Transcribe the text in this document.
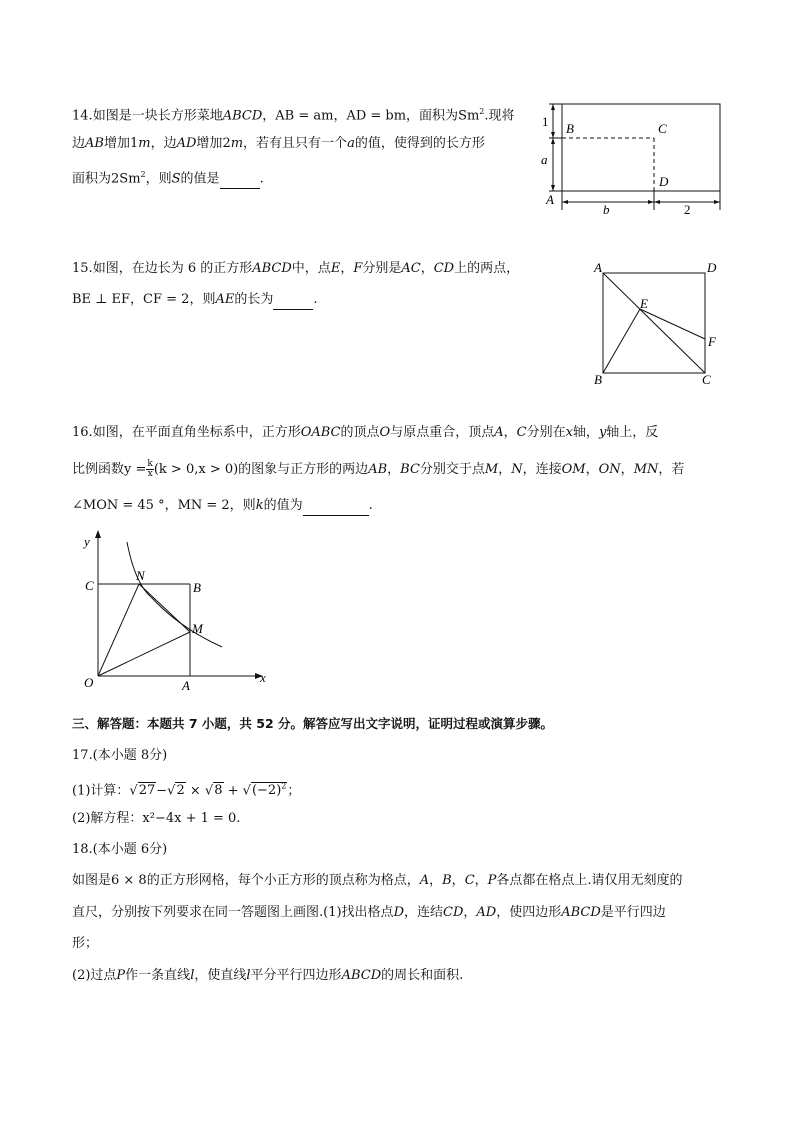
14.如图是一块长方形菜地ABCD，AB = am，AD = bm，面积为Sm$^2$.现将
边AB增加1m，边AD增加2m，若有且只有一个a的值，使得到的长方形
面积为2Sm$^2$，则S的值是	.
1 B	C
a
D
A
b	2
15.如图，在边长为 6 的正方形ABCD中，点E，F分别是AC，CD上的两点，
BE ⊥ EF，CF = 2，则AE的长为	.
A	D
E
F
B	C
16.如图，在平面直角坐标系中，正方形OABC的顶点O与原点重合，顶点A，C分别在x轴，y轴上，反
比例函数$y = \frac{k}{x} (k > 0,x > 0)$的图象与正方形的两边AB，BC分别交于点M，N，连接OM，ON，MN，若
∠MON = 45 °，MN = 2，则k的值为	.
y
x
C
N
B
M
O	A
三、解答题：本题共 7 小题，共 52 分。解答应写出文字说明，证明过程或演算步骤。
17.(本小题 8分)
(1)计算：$√27-√2 \times √8 + √(-2)^2$；
(2)解方程：x²−4x + 1 = 0.
18.(本小题 6分)
如图是6 × 8的正方形网格，每个小正方形的顶点称为格点，A，B，C，P各点都在格点上.请仅用无刻度的
直尺，分别按下列要求在同一答题图上画图.(1)找出格点D，连结CD，AD，使四边形ABCD是平行四边
形；
(2)过点P作一条直线l，使直线l平分平行四边形ABCD的周长和面积.
